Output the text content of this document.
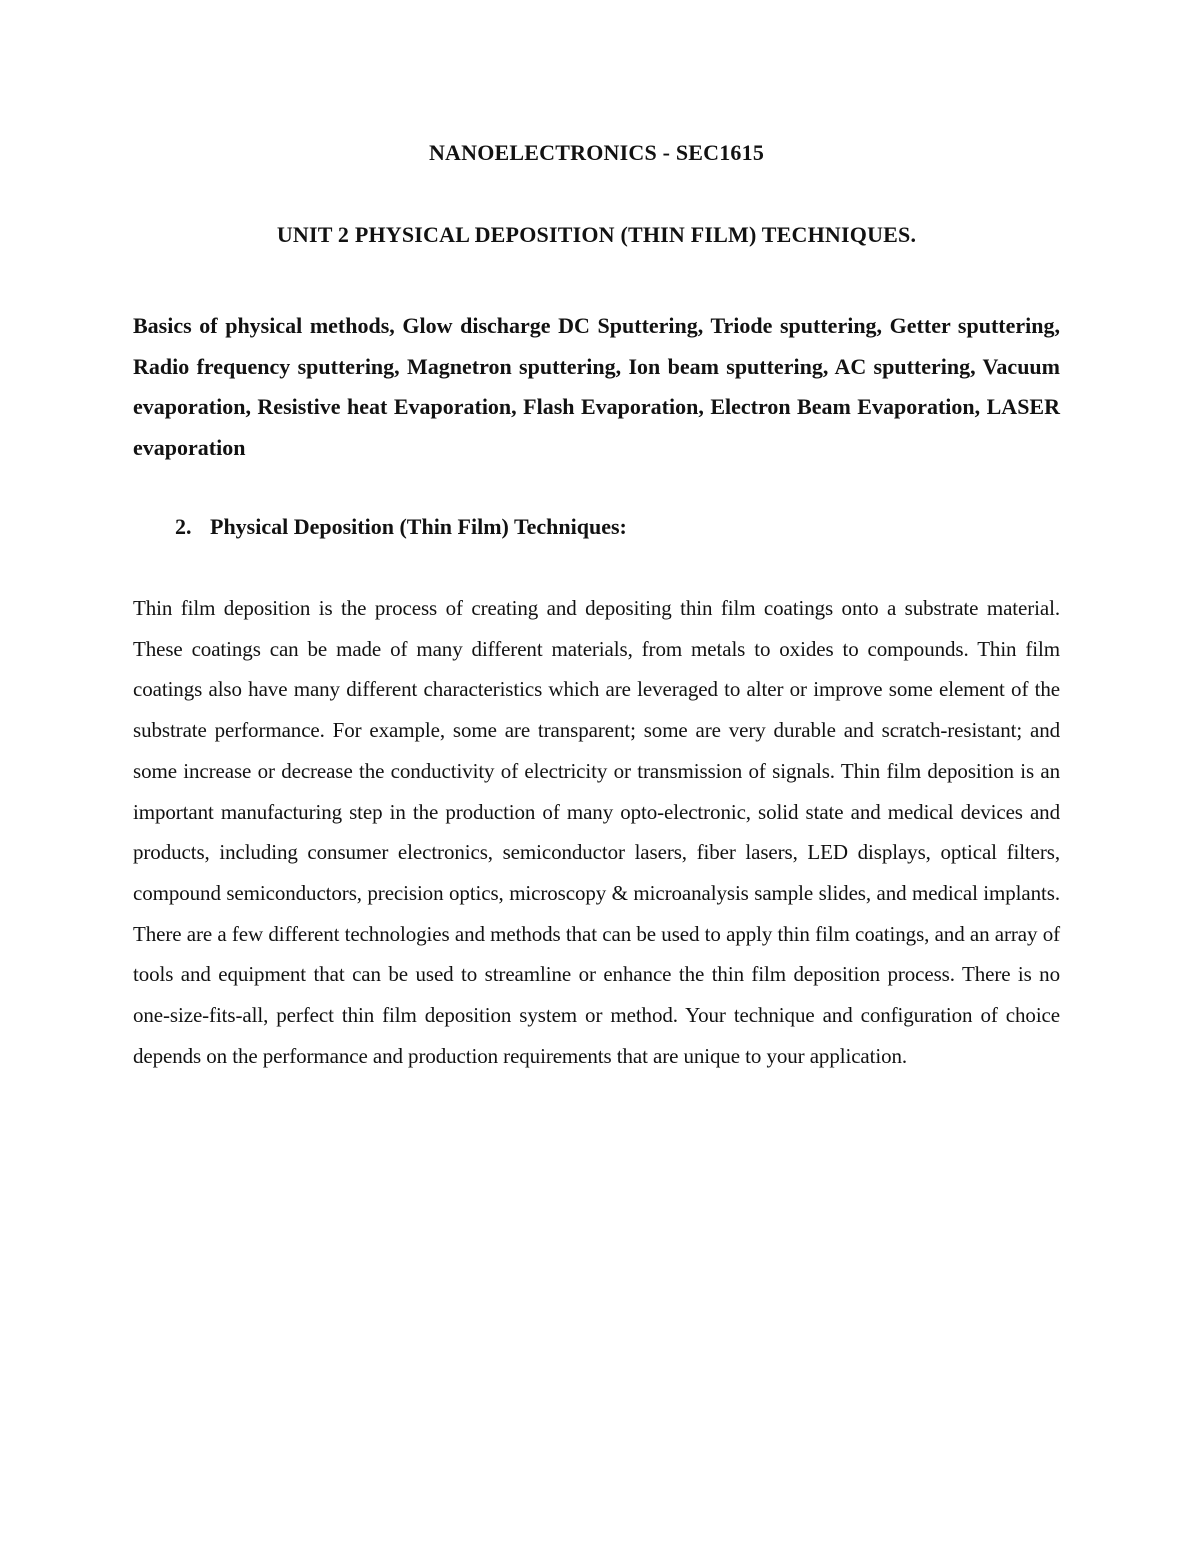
NANOELECTRONICS - SEC1615
UNIT 2 PHYSICAL DEPOSITION (THIN FILM) TECHNIQUES.

Basics of physical methods, Glow discharge DC Sputtering, Triode sputtering, Getter sputtering, Radio frequency sputtering, Magnetron sputtering, Ion beam sputtering, AC sputtering, Vacuum evaporation, Resistive heat Evaporation, Flash Evaporation, Electron Beam Evaporation, LASER evaporation

2. Physical Deposition (Thin Film) Techniques:

Thin film deposition is the process of creating and depositing thin film coatings onto a substrate material. These coatings can be made of many different materials, from metals to oxides to compounds. Thin film coatings also have many different characteristics which are leveraged to alter or improve some element of the substrate performance. For example, some are transparent; some are very durable and scratch-resistant; and some increase or decrease the conductivity of electricity or transmission of signals. Thin film deposition is an important manufacturing step in the production of many opto-electronic, solid state and medical devices and products, including consumer electronics, semiconductor lasers, fiber lasers, LED displays, optical filters, compound semiconductors, precision optics, microscopy & microanalysis sample slides, and medical implants. There are a few different technologies and methods that can be used to apply thin film coatings, and an array of tools and equipment that can be used to streamline or enhance the thin film deposition process. There is no one-size-fits-all, perfect thin film deposition system or method. Your technique and configuration of choice depends on the performance and production requirements that are unique to your application.
